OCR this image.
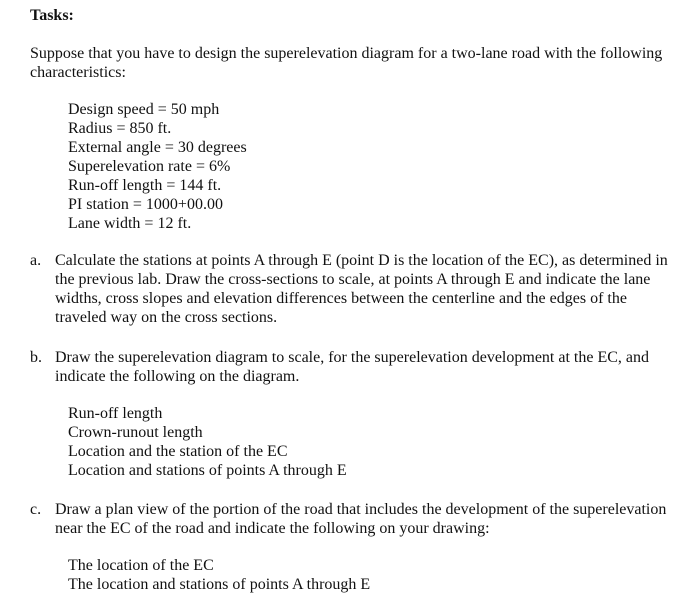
Tasks:
Suppose that you have to design the superelevation diagram for a two-lane road with the following characteristics:
Design speed = 50 mph
Radius = 850 ft.
External angle = 30 degrees
Superelevation rate = 6%
Run-off length = 144 ft.
PI station = 1000+00.00
Lane width = 12 ft.
a. Calculate the stations at points A through E (point D is the location of the EC), as determined in the previous lab. Draw the cross-sections to scale, at points A through E and indicate the lane widths, cross slopes and elevation differences between the centerline and the edges of the traveled way on the cross sections.
b. Draw the superelevation diagram to scale, for the superelevation development at the EC, and indicate the following on the diagram.
Run-off length
Crown-runout length
Location and the station of the EC
Location and stations of points A through E
c. Draw a plan view of the portion of the road that includes the development of the superelevation near the EC of the road and indicate the following on your drawing:
The location of the EC
The location and stations of points A through E
